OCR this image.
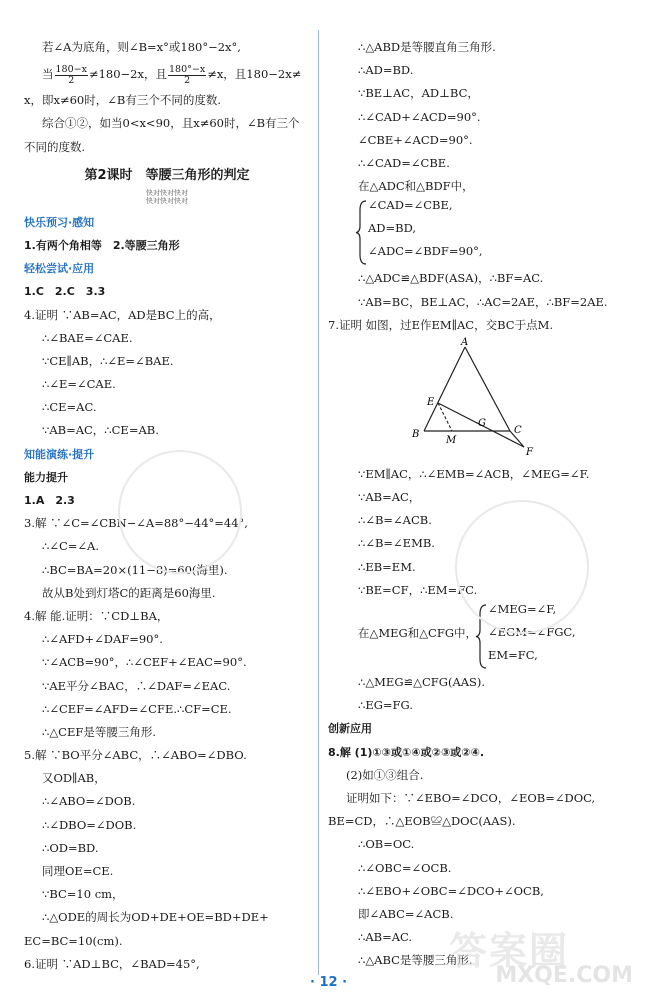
若∠A为底角，则∠B=x°或180°−2x°,
当 $\frac{180-x}{2} \ne 180-2x$，且 $\frac{180^\circ-x}{2} \ne x$，且180−2x≠
x，即x≠60时，∠B有三个不同的度数.
综合①②，如当0<x<90，且x≠60时，∠B有三个
不同的度数.
第2课时　等腰三角形的判定
快对快对快对
快对快对快对
快乐预习·感知
1.有两个角相等　2.等腰三角形
轻松尝试·应用
1.C　2.C　3.3
4.证明 ∵AB=AC，AD是BC上的高，
∴∠BAE=∠CAE.
∵CE∥AB，∴∠E=∠BAE.
∴∠E=∠CAE.
∴CE=AC.
∵AB=AC，∴CE=AB.
知能演练·提升
能力提升
1.A　2.3
3.解 ∵∠C=∠CBN−∠A=88°−44°=44°,
∴∠C=∠A.
∴BC=BA=20×(11−8)=60(海里).
故从B处到灯塔C的距离是60海里.
4.解 能.证明：∵CD⊥BA，
∴∠AFD+∠DAF=90°.
∵∠ACB=90°，∴∠CEF+∠EAC=90°.
∵AE平分∠BAC，∴∠DAF=∠EAC.
∴∠CEF=∠AFD=∠CFE.∴CF=CE.
∴△CEF是等腰三角形.
5.解 ∵BO平分∠ABC，∴∠ABO=∠DBO.
又OD∥AB，
∴∠ABO=∠DOB.
∴∠DBO=∠DOB.
∴OD=BD.
同理OE=CE.
∵BC=10 cm，
∴△ODE的周长为OD+DE+OE=BD+DE+
EC=BC=10(cm).
6.证明 ∵AD⊥BC，∠BAD=45°,
∴△ABD是等腰直角三角形.
∴AD=BD.
∵BE⊥AC，AD⊥BC，
∴∠CAD+∠ACD=90°.
∠CBE+∠ACD=90°.
∴∠CAD=∠CBE.
在△ADC和△BDF中，
∠CAD=∠CBE,
AD=BD,
∠ADC=∠BDF=90°,
∴△ADC≌△BDF(ASA)，∴BF=AC.
∵AB=BC，BE⊥AC，∴AC=2AE，∴BF=2AE.
7.证明 如图，过E作EM∥AC，交BC于点M.
A
B	C
E
G
M
F
∵EM∥AC，∴∠EMB=∠ACB，∠MEG=∠F.
∵AB=AC，
∴∠B=∠ACB.
∴∠B=∠EMB.
∴EB=EM.
∵BE=CF，∴EM=FC.
在△MEG和△CFG中，
∠MEG=∠F,
∠EGM=∠FGC,
EM=FC,
∴△MEG≌△CFG(AAS).
∴EG=FG.
创新应用
8.解 (1)①③或①④或②③或②④.
(2)如①③组合.
证明如下：∵∠EBO=∠DCO，∠EOB=∠DOC,
BE=CD，∴△EOB≌△DOC(AAS).
∴OB=OC.
∴∠OBC=∠OCB.
∴∠EBO+∠OBC=∠DCO+∠OCB,
即∠ABC=∠ACB.
∴AB=AC.
∴△ABC是等腰三角形.
答案圈
MXQE.COM
· 12 ·
